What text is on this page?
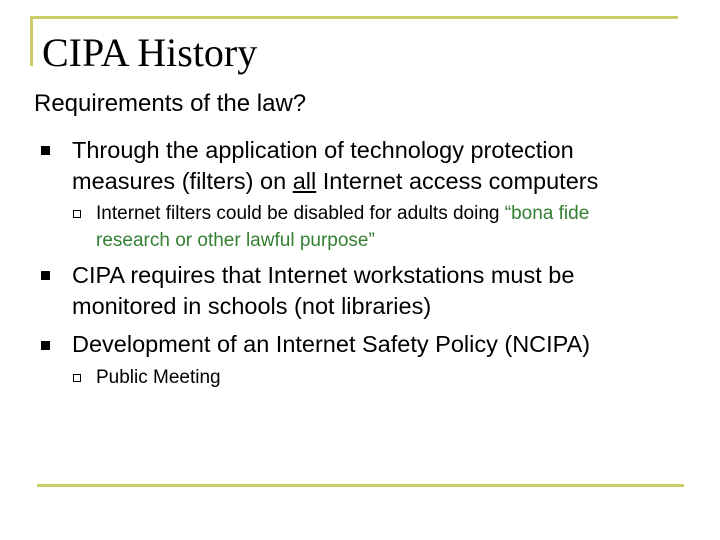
CIPA History
Requirements of the law?
Through the application of technology protection
measures (filters) on all Internet access computers
Internet filters could be disabled for adults doing “bona fide
research or other lawful purpose”
CIPA requires that Internet workstations must be
monitored in schools (not libraries)
Development of an Internet Safety Policy (NCIPA)
Public Meeting
